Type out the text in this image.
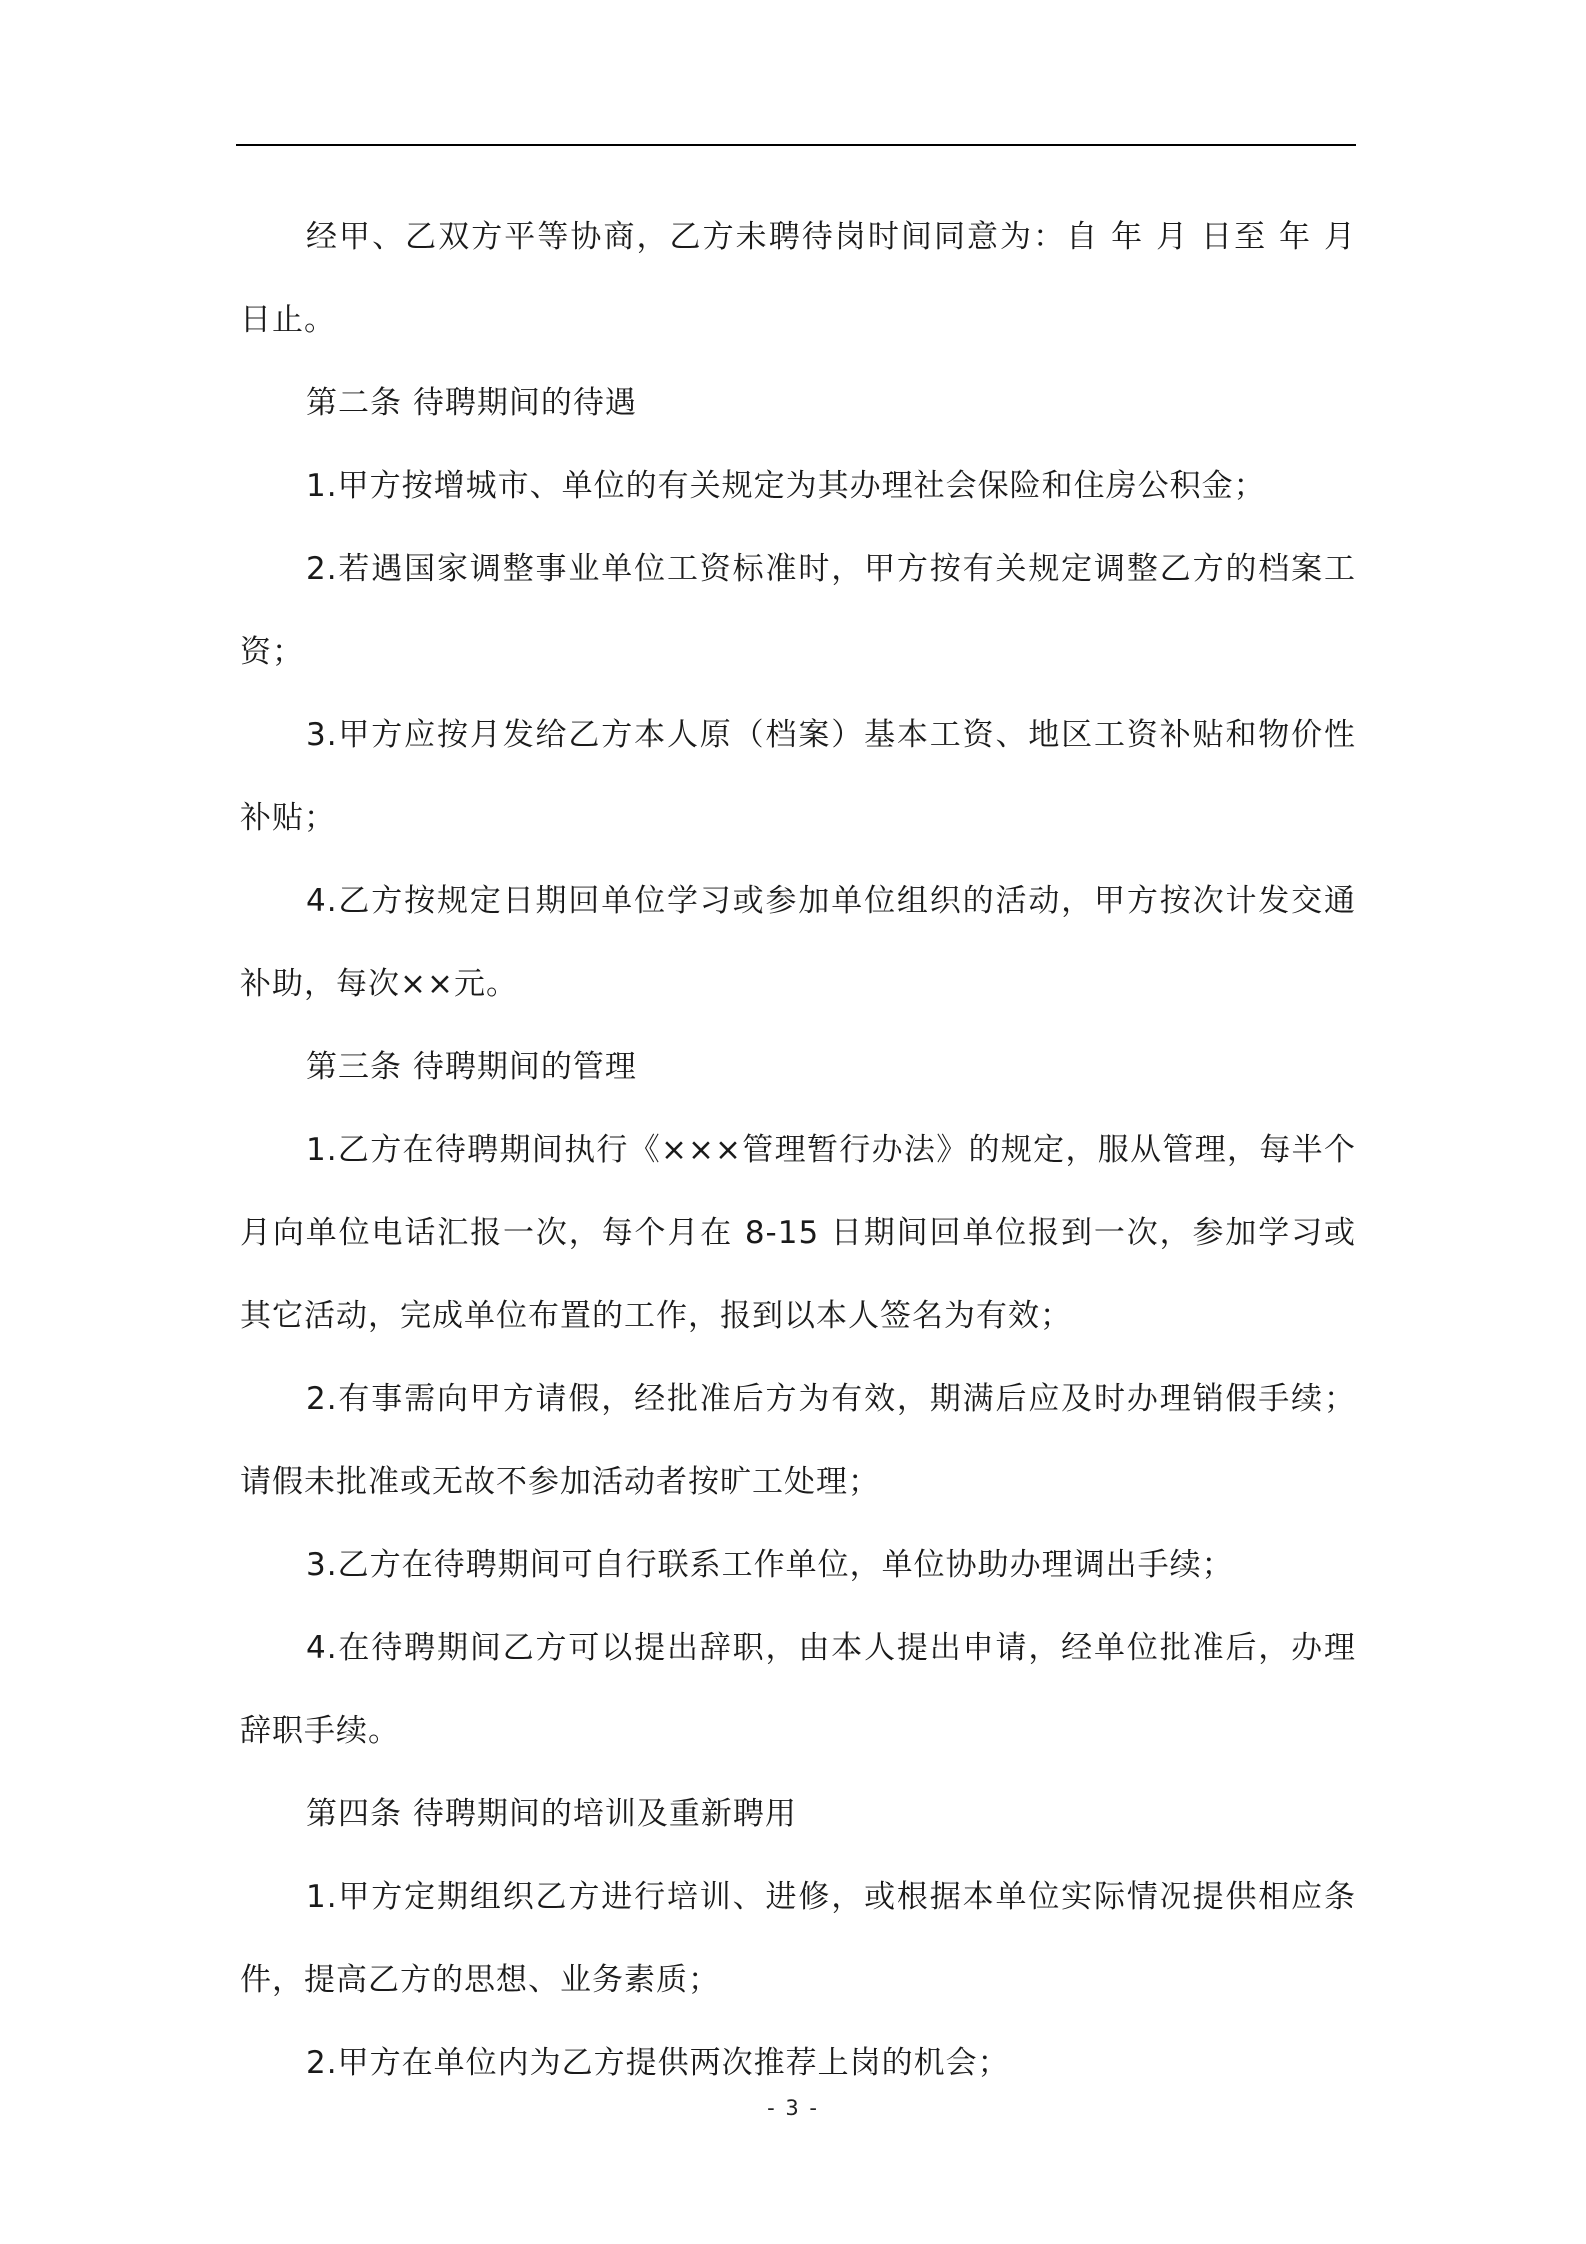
经甲、乙双方平等协商，乙方未聘待岗时间同意为：自 年 月 日至 年 月 日止。

第二条 待聘期间的待遇

1.甲方按增城市、单位的有关规定为其办理社会保险和住房公积金；

2.若遇国家调整事业单位工资标准时，甲方按有关规定调整乙方的档案工资；

3.甲方应按月发给乙方本人原（档案）基本工资、地区工资补贴和物价性补贴；

4.乙方按规定日期回单位学习或参加单位组织的活动，甲方按次计发交通补助，每次××元。

第三条 待聘期间的管理

1.乙方在待聘期间执行《×××管理暂行办法》的规定，服从管理，每半个月向单位电话汇报一次，每个月在 8-15 日期间回单位报到一次，参加学习或其它活动，完成单位布置的工作，报到以本人签名为有效；

2.有事需向甲方请假，经批准后方为有效，期满后应及时办理销假手续；请假未批准或无故不参加活动者按旷工处理；

3.乙方在待聘期间可自行联系工作单位，单位协助办理调出手续；

4.在待聘期间乙方可以提出辞职，由本人提出申请，经单位批准后，办理辞职手续。

第四条 待聘期间的培训及重新聘用

1.甲方定期组织乙方进行培训、进修，或根据本单位实际情况提供相应条件，提高乙方的思想、业务素质；

2.甲方在单位内为乙方提供两次推荐上岗的机会；

- 3 -
